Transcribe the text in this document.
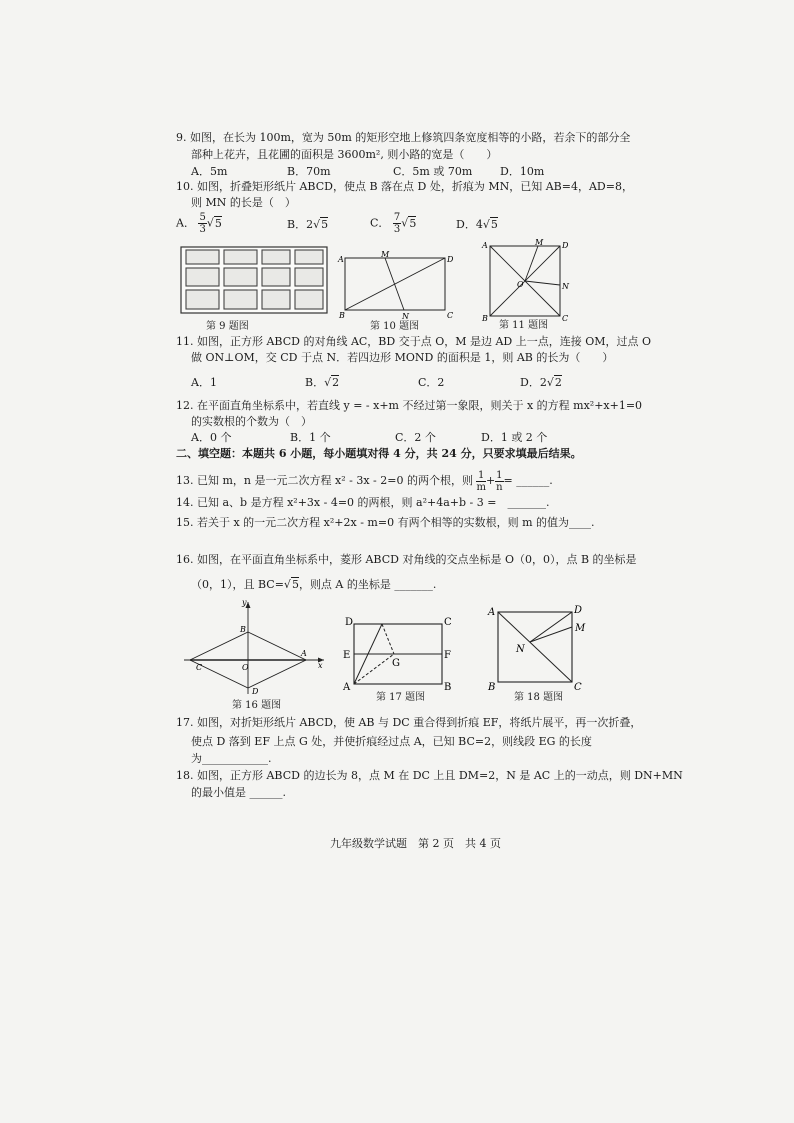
9. 如图，在长为 100m，宽为 50m 的矩形空地上修筑四条宽度相等的小路，若余下的部分全
部种上花卉，且花圃的面积是 3600m², 则小路的宽是（　　）
A．5m	B．70m	C．5m 或 70m	D．10m
10. 如图，折叠矩形纸片 ABCD，使点 B 落在点 D 处，折痕为 MN，已知 AB=4，AD=8，
则 MN 的长是（　）
A． $\frac{5}{3} √5$	B．2√5	C． $\frac{7}{3} √5$	D．4√5
A
M
D
B	N	C
A	M D
O	N
B	C
第 9 题图	第 10 题图	第 11 题图
11. 如图，正方形 ABCD 的对角线 AC，BD 交于点 O，M 是边 AD 上一点，连接 OM，过点 O
做 ON⊥OM，交 CD 于点 N．若四边形 MOND 的面积是 1，则 AB 的长为（　　）
A．1	B．√2	C．2	D．2√2
12. 在平面直角坐标系中，若直线 y = - x+m 不经过第一象限，则关于 x 的方程 mx²+x+1=0
的实数根的个数为（　）
A．0 个	B．1 个	C．2 个	D．1 或 2 个
二、填空题：本题共 6 小题，每小题填对得 4 分，共 24 分，只要求填最后结果。
13. 已知 m，n 是一元二次方程 x² - 3x - 2=0 的两个根，则 $\frac{1}{m} + \frac{1}{n}$ = ______.
14. 已知 a、b 是方程 x²+3x - 4=0 的两根，则 a²+4a+b - 3 =　_______.
15. 若关于 x 的一元二次方程 x²+2x - m=0 有两个相等的实数根，则 m 的值为____.
16. 如图，在平面直角坐标系中，菱形 ABCD 对角线的交点坐标是 O（0，0），点 B 的坐标是
（0，1），且 BC=√5，则点 A 的坐标是 _______.
y
B
C	O
A
x
D
D	C
E
G
F
A	B
A	D
M
N
B	C
第 16 题图
第 17 题图	第 18 题图
17. 如图，对折矩形纸片 ABCD，使 AB 与 DC 重合得到折痕 EF，将纸片展平，再一次折叠，
使点 D 落到 EF 上点 G 处，并使折痕经过点 A，已知 BC=2，则线段 EG 的长度
为____________.
18. 如图，正方形 ABCD 的边长为 8，点 M 在 DC 上且 DM=2，N 是 AC 上的一动点，则 DN+MN
的最小值是 ______.
九年级数学试题　第 2 页　共 4 页
